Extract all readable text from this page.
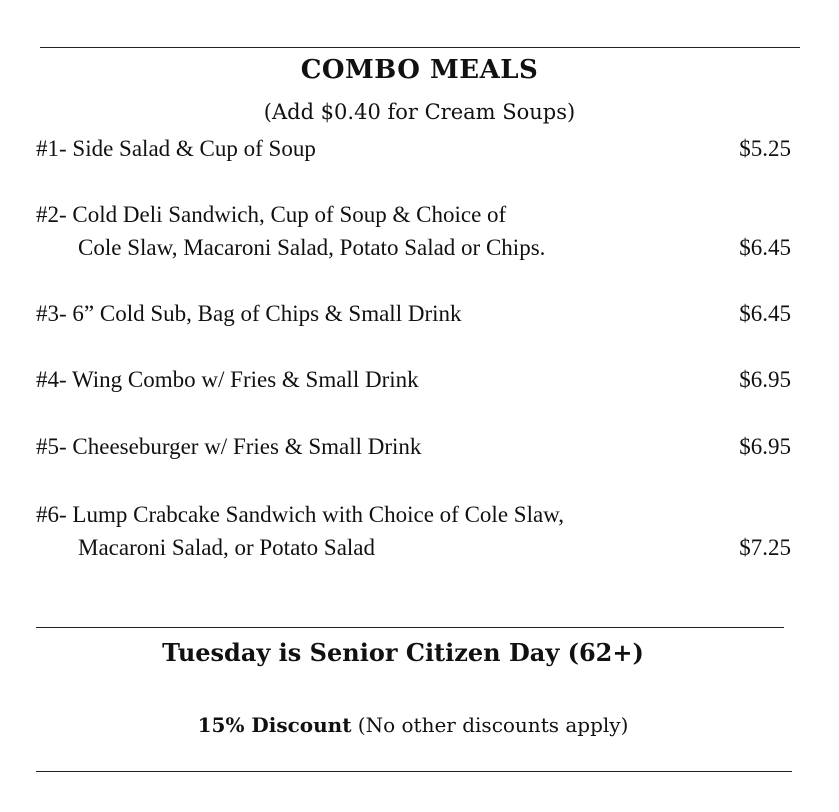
COMBO MEALS
(Add $0.40 for Cream Soups)
#1- Side Salad & Cup of Soup	$5.25
#2- Cold Deli Sandwich, Cup of Soup & Choice of
Cole Slaw, Macaroni Salad, Potato Salad or Chips.	$6.45
#3- 6” Cold Sub, Bag of Chips & Small Drink	$6.45
#4- Wing Combo w/ Fries & Small Drink	$6.95
#5- Cheeseburger w/ Fries & Small Drink	$6.95
#6- Lump Crabcake Sandwich with Choice of Cole Slaw,
Macaroni Salad, or Potato Salad	$7.25
Tuesday is Senior Citizen Day (62+)
15% Discount (No other discounts apply)
